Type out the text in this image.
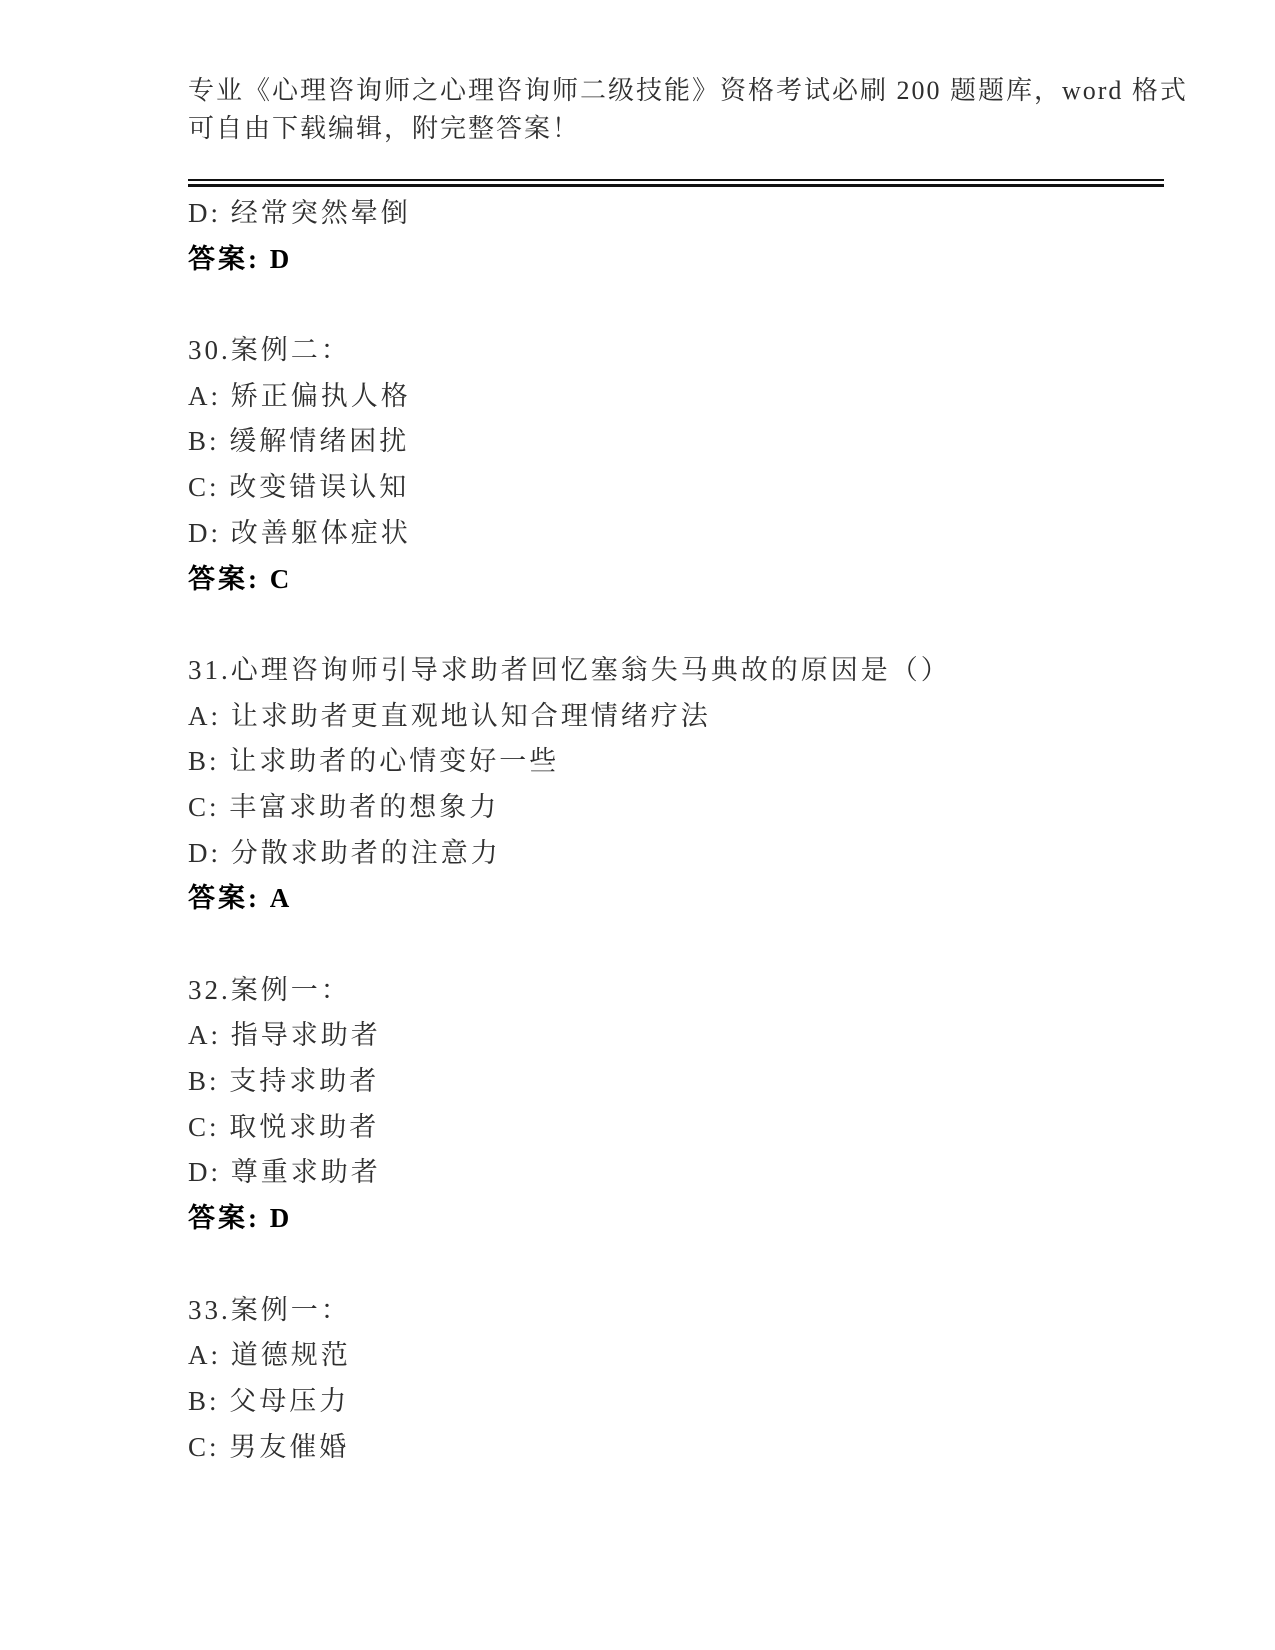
专业《心理咨询师之心理咨询师二级技能》资格考试必刷 200 题题库，word 格式
可自由下载编辑，附完整答案！
D: 经常突然晕倒
答案: D

30.案例二：
A: 矫正偏执人格
B: 缓解情绪困扰
C: 改变错误认知
D: 改善躯体症状
答案: C

31.心理咨询师引导求助者回忆塞翁失马典故的原因是（）
A: 让求助者更直观地认知合理情绪疗法
B: 让求助者的心情变好一些
C: 丰富求助者的想象力
D: 分散求助者的注意力
答案: A

32.案例一：
A: 指导求助者
B: 支持求助者
C: 取悦求助者
D: 尊重求助者
答案: D

33.案例一：
A: 道德规范
B: 父母压力
C: 男友催婚
